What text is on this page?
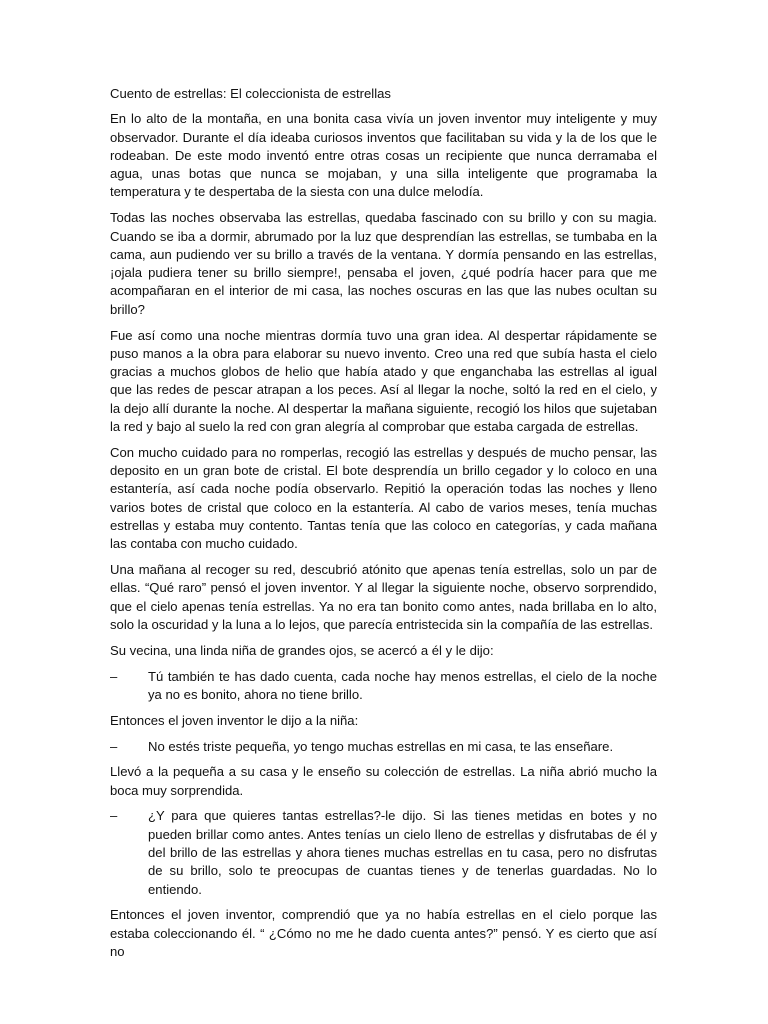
Cuento de estrellas: El coleccionista de estrellas

En lo alto de la montaña, en una bonita casa vivía un joven inventor muy inteligente y muy observador. Durante el día ideaba curiosos inventos que facilitaban su vida y la de los que le rodeaban. De este modo inventó entre otras cosas un recipiente que nunca derramaba el agua, unas botas que nunca se mojaban, y una silla inteligente que programaba la temperatura y te despertaba de la siesta con una dulce melodía.

Todas las noches observaba las estrellas, quedaba fascinado con su brillo y con su magia. Cuando se iba a dormir, abrumado por la luz que desprendían las estrellas, se tumbaba en la cama, aun pudiendo ver su brillo a través de la ventana. Y dormía pensando en las estrellas, ¡ojala pudiera tener su brillo siempre!, pensaba el joven, ¿qué podría hacer para que me acompañaran en el interior de mi casa, las noches oscuras en las que las nubes ocultan su brillo?

Fue así como una noche mientras dormía tuvo una gran idea. Al despertar rápidamente se puso manos a la obra para elaborar su nuevo invento. Creo una red que subía hasta el cielo gracias a muchos globos de helio que había atado y que enganchaba las estrellas al igual que las redes de pescar atrapan a los peces. Así al llegar la noche, soltó la red en el cielo, y la dejo allí durante la noche. Al despertar la mañana siguiente, recogió los hilos que sujetaban la red y bajo al suelo la red con gran alegría al comprobar que estaba cargada de estrellas.

Con mucho cuidado para no romperlas, recogió las estrellas y después de mucho pensar, las deposito en un gran bote de cristal. El bote desprendía un brillo cegador y lo coloco en una estantería, así cada noche podía observarlo. Repitió la operación todas las noches y lleno varios botes de cristal que coloco en la estantería. Al cabo de varios meses, tenía muchas estrellas y estaba muy contento. Tantas tenía que las coloco en categorías, y cada mañana las contaba con mucho cuidado.

Una mañana al recoger su red, descubrió atónito que apenas tenía estrellas, solo un par de ellas. “Qué raro” pensó el joven inventor. Y al llegar la siguiente noche, observo sorprendido, que el cielo apenas tenía estrellas. Ya no era tan bonito como antes, nada brillaba en lo alto, solo la oscuridad y la luna a lo lejos, que parecía entristecida sin la compañía de las estrellas.

Su vecina, una linda niña de grandes ojos, se acercó a él y le dijo:

–	Tú también te has dado cuenta, cada noche hay menos estrellas, el cielo de la noche ya no es bonito, ahora no tiene brillo.

Entonces el joven inventor le dijo a la niña:

–	No estés triste pequeña, yo tengo muchas estrellas en mi casa, te las enseñare.

Llevó a la pequeña a su casa y le enseño su colección de estrellas. La niña abrió mucho la boca muy sorprendida.

–	¿Y para que quieres tantas estrellas?-le dijo. Si las tienes metidas en botes y no pueden brillar como antes. Antes tenías un cielo lleno de estrellas y disfrutabas de él y del brillo de las estrellas y ahora tienes muchas estrellas en tu casa, pero no disfrutas de su brillo, solo te preocupas de cuantas tienes y de tenerlas guardadas. No lo entiendo.

Entonces el joven inventor, comprendió que ya no había estrellas en el cielo porque las estaba coleccionando él. “ ¿Cómo no me he dado cuenta antes?” pensó. Y es cierto que así no
